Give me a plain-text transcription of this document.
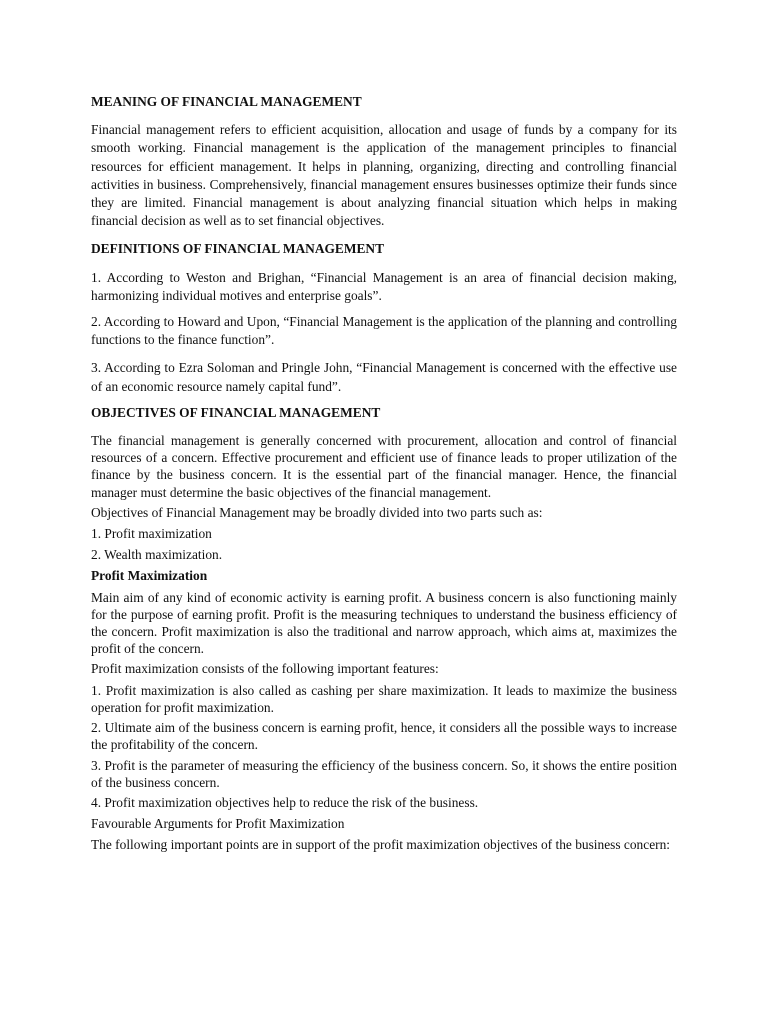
MEANING OF FINANCIAL MANAGEMENT

Financial management refers to efficient acquisition, allocation and usage of funds by a company for its smooth working. Financial management is the application of the management principles to financial resources for efficient management. It helps in planning, organizing, directing and controlling financial activities in business. Comprehensively, financial management ensures businesses optimize their funds since they are limited. Financial management is about analyzing financial situation which helps in making financial decision as well as to set financial objectives.

DEFINITIONS OF FINANCIAL MANAGEMENT

1. According to Weston and Brighan, “Financial Management is an area of financial decision making, harmonizing individual motives and enterprise goals”.

2. According to Howard and Upon, “Financial Management is the application of the planning and controlling functions to the finance function”.

3. According to Ezra Soloman and Pringle John, “Financial Management is concerned with the effective use of an economic resource namely capital fund”.

OBJECTIVES OF FINANCIAL MANAGEMENT

The financial management is generally concerned with procurement, allocation and control of financial resources of a concern. Effective procurement and efficient use of finance leads to proper utilization of the finance by the business concern. It is the essential part of the financial manager. Hence, the financial manager must determine the basic objectives of the financial management.

Objectives of Financial Management may be broadly divided into two parts such as:

1. Profit maximization

2. Wealth maximization.

Profit Maximization

Main aim of any kind of economic activity is earning profit. A business concern is also functioning mainly for the purpose of earning profit. Profit is the measuring techniques to understand the business efficiency of the concern. Profit maximization is also the traditional and narrow approach, which aims at, maximizes the profit of the concern.

Profit maximization consists of the following important features:

1. Profit maximization is also called as cashing per share maximization. It leads to maximize the business operation for profit maximization.

2. Ultimate aim of the business concern is earning profit, hence, it considers all the possible ways to increase the profitability of the concern.

3. Profit is the parameter of measuring the efficiency of the business concern. So, it shows the entire position of the business concern.

4. Profit maximization objectives help to reduce the risk of the business.

Favourable Arguments for Profit Maximization

The following important points are in support of the profit maximization objectives of the business concern:
